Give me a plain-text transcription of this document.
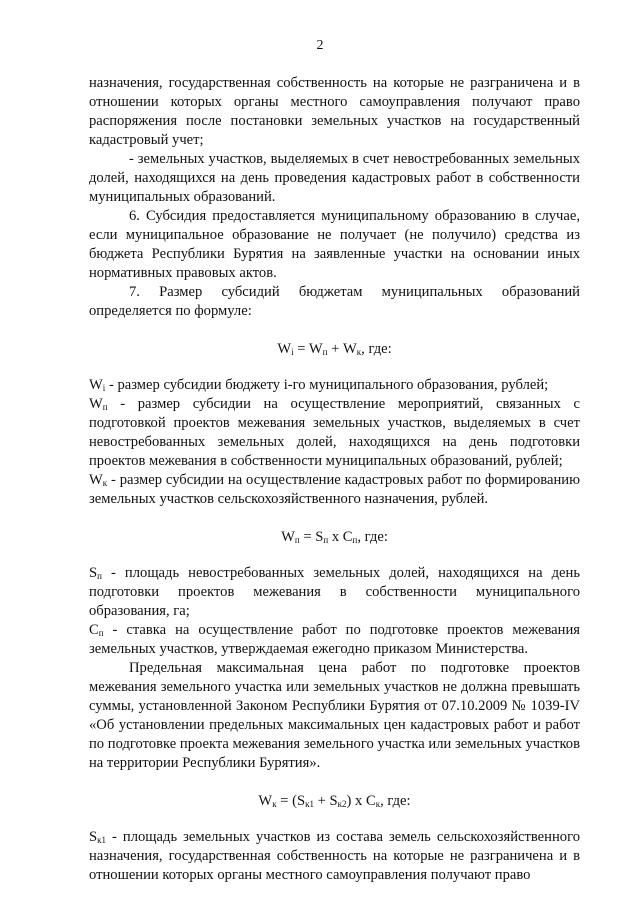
2

назначения, государственная собственность на которые не разграничена и в отношении которых органы местного самоуправления получают право распоряжения после постановки земельных участков на государственный кадастровый учет;

- земельных участков, выделяемых в счет невостребованных земельных долей, находящихся на день проведения кадастровых работ в собственности муниципальных образований.

6. Субсидия предоставляется муниципальному образованию в случае, если муниципальное образование не получает (не получило) средства из бюджета Республики Бурятия на заявленные участки на основании иных нормативных правовых актов.

7. Размер субсидий бюджетам муниципальных образований определяется по формуле:

$W_i = W_п + W_к$, где:

$W_i$ - размер субсидии бюджету i-го муниципального образования, рублей;

$W_п$ - размер субсидии на осуществление мероприятий, связанных с подготовкой проектов межевания земельных участков, выделяемых в счет невостребованных земельных долей, находящихся на день подготовки проектов межевания в собственности муниципальных образований, рублей;

$W_к$ - размер субсидии на осуществление кадастровых работ по формированию земельных участков сельскохозяйственного назначения, рублей.

$W_п = S_п$ x $C_п$, где:

$S_п$ - площадь невостребованных земельных долей, находящихся на день подготовки проектов межевания в собственности муниципального образования, га;

$C_п$ - ставка на осуществление работ по подготовке проектов межевания земельных участков, утверждаемая ежегодно приказом Министерства.

Предельная максимальная цена работ по подготовке проектов межевания земельного участка или земельных участков не должна превышать суммы, установленной Законом Республики Бурятия от 07.10.2009 № 1039-IV «Об установлении предельных максимальных цен кадастровых работ и работ по подготовке проекта межевания земельного участка или земельных участков на территории Республики Бурятия».

$W_к = (S_{к1} + S_{к2})$ x $C_к$, где:

$S_{к1}$ - площадь земельных участков из состава земель сельскохозяйственного назначения, государственная собственность на которые не разграничена и в отношении которых органы местного самоуправления получают право
